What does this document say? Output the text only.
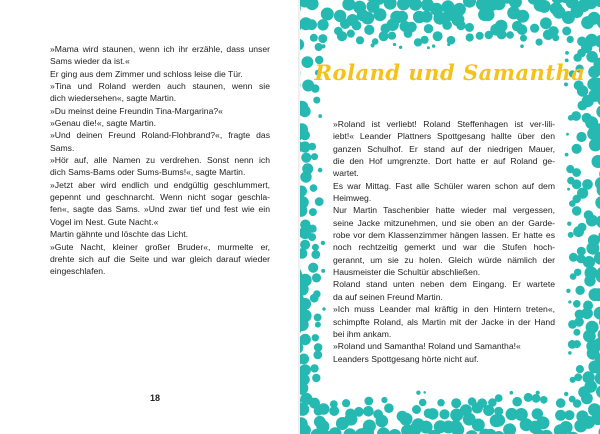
Roland und Samantha
»Mama wird staunen, wenn ich ihr erzähle, dass unser
Sams wieder da ist.«
Er ging aus dem Zimmer und schloss leise die Tür.
»Tina und Roland werden auch staunen, wenn sie
dich wiedersehen«, sagte Martin.
»Du meinst deine Freundin Tina-Margarina?«
»Genau die!«, sagte Martin.
»Und deinen Freund Roland-Flohbrand?«, fragte das
Sams.
»Hör auf, alle Namen zu verdrehen. Sonst nenn ich
dich Sams-Bams oder Sums-Bums!«, sagte Martin.
»Jetzt aber wird endlich und endgültig geschlummert,
gepennt und geschnarcht. Wenn nicht sogar geschla-
fen«, sagte das Sams. »Und zwar tief und fest wie ein
Vogel im Nest. Gute Nacht.«
Martin gähnte und löschte das Licht.
»Gute Nacht, kleiner großer Bruder«, murmelte er,
drehte sich auf die Seite und war gleich darauf wieder
eingeschlafen.
»Roland ist verliebt! Roland Steffenhagen ist ver-lili-
iebt!« Leander Plattners Spottgesang hallte über den
ganzen Schulhof. Er stand auf der niedrigen Mauer,
die den Hof umgrenzte. Dort hatte er auf Roland ge-
wartet.
Es war Mittag. Fast alle Schüler waren schon auf dem
Heimweg.
Nur Martin Taschenbier hatte wieder mal vergessen,
seine Jacke mitzunehmen, und sie oben an der Garde-
robe vor dem Klassenzimmer hängen lassen. Er hatte es
noch rechtzeitig gemerkt und war die Stufen hoch-
gerannt, um sie zu holen. Gleich würde nämlich der
Hausmeister die Schultür abschließen.
Roland stand unten neben dem Eingang. Er wartete
da auf seinen Freund Martin.
»Ich muss Leander mal kräftig in den Hintern treten«,
schimpfte Roland, als Martin mit der Jacke in der Hand
bei ihm ankam.
»Roland und Samantha! Roland und Samantha!«
Leanders Spottgesang hörte nicht auf.
18
